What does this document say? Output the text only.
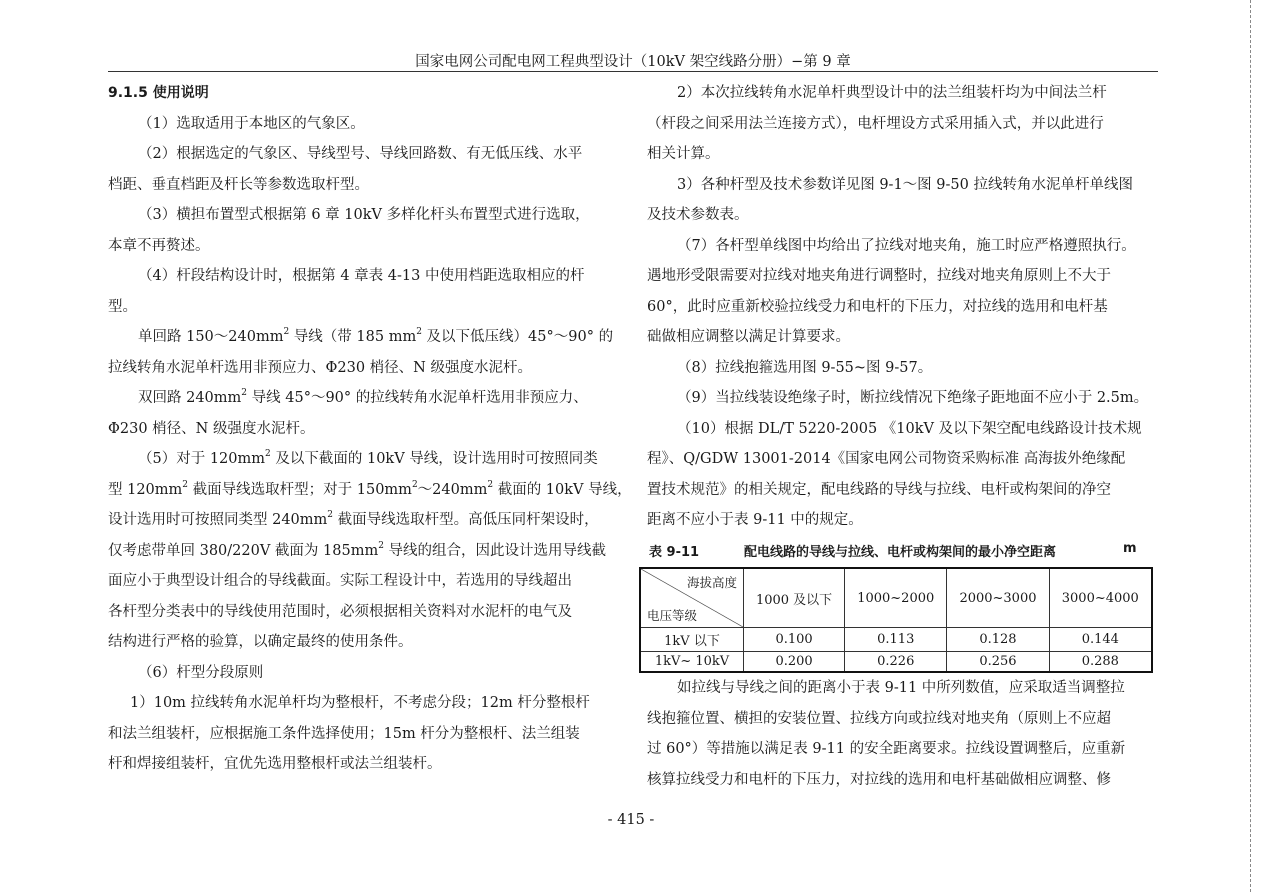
国家电网公司配电网工程典型设计（10kV 架空线路分册）−第 9 章
9.1.5 使用说明
（1）选取适用于本地区的气象区。
（2）根据选定的气象区、导线型号、导线回路数、有无低压线、水平
档距、垂直档距及杆长等参数选取杆型。
（3）横担布置型式根据第 6 章 10kV 多样化杆头布置型式进行选取，
本章不再赘述。
（4）杆段结构设计时，根据第 4 章表 4-13 中使用档距选取相应的杆
型。
单回路 $150\sim 240mm^2$ 导线（带 185 $mm^2$ 及以下低压线）45°～90° 的
拉线转角水泥单杆选用非预应力、Φ230 梢径、N 级强度水泥杆。
双回路 $240mm^2$ 导线 45°～90° 的拉线转角水泥单杆选用非预应力、
Φ230 梢径、N 级强度水泥杆。
（5）对于 $120mm^2$ 及以下截面的 10kV 导线，设计选用时可按照同类
型 $120mm^2$ 截面导线选取杆型；对于 $150mm^2\sim 240mm^2$ 截面的 10kV 导线，
设计选用时可按照同类型 $240mm^2$ 截面导线选取杆型。高低压同杆架设时，
仅考虑带单回 380/220V 截面为 $185mm^2$ 导线的组合，因此设计选用导线截
面应小于典型设计组合的导线截面。实际工程设计中，若选用的导线超出
各杆型分类表中的导线使用范围时，必须根据相关资料对水泥杆的电气及
结构进行严格的验算，以确定最终的使用条件。
（6）杆型分段原则
1）10m 拉线转角水泥单杆均为整根杆，不考虑分段；12m 杆分整根杆
和法兰组装杆，应根据施工条件选择使用；15m 杆分为整根杆、法兰组装
杆和焊接组装杆，宜优先选用整根杆或法兰组装杆。
2）本次拉线转角水泥单杆典型设计中的法兰组装杆均为中间法兰杆
（杆段之间采用法兰连接方式），电杆埋设方式采用插入式，并以此进行
相关计算。
3）各种杆型及技术参数详见图 9-1～图 9-50 拉线转角水泥单杆单线图
及技术参数表。
（7）各杆型单线图中均给出了拉线对地夹角，施工时应严格遵照执行。
遇地形受限需要对拉线对地夹角进行调整时，拉线对地夹角原则上不大于
60°，此时应重新校验拉线受力和电杆的下压力，对拉线的选用和电杆基
础做相应调整以满足计算要求。
（8）拉线抱箍选用图 9-55~图 9-57。
（9）当拉线装设绝缘子时，断拉线情况下绝缘子距地面不应小于 2.5m。
（10）根据 DL/T 5220-2005 《10kV 及以下架空配电线路设计技术规
程》、Q/GDW 13001-2014《国家电网公司物资采购标准 高海拔外绝缘配
置技术规范》的相关规定，配电线路的导线与拉线、电杆或构架间的净空
距离不应小于表 9-11 中的规定。
表 9-11	配电线路的导线与拉线、电杆或构架间的最小净空距离	m
海拔高度
电压等级	1000 及以下	1000~2000	2000~3000	3000~4000
1kV 以下	0.100	0.113	0.128	0.144
1kV~ 10kV	0.200	0.226	0.256	0.288
如拉线与导线之间的距离小于表 9-11 中所列数值，应采取适当调整拉
线抱箍位置、横担的安装位置、拉线方向或拉线对地夹角（原则上不应超
过 60°）等措施以满足表 9-11 的安全距离要求。拉线设置调整后，应重新
核算拉线受力和电杆的下压力，对拉线的选用和电杆基础做相应调整、修
- 415 -
